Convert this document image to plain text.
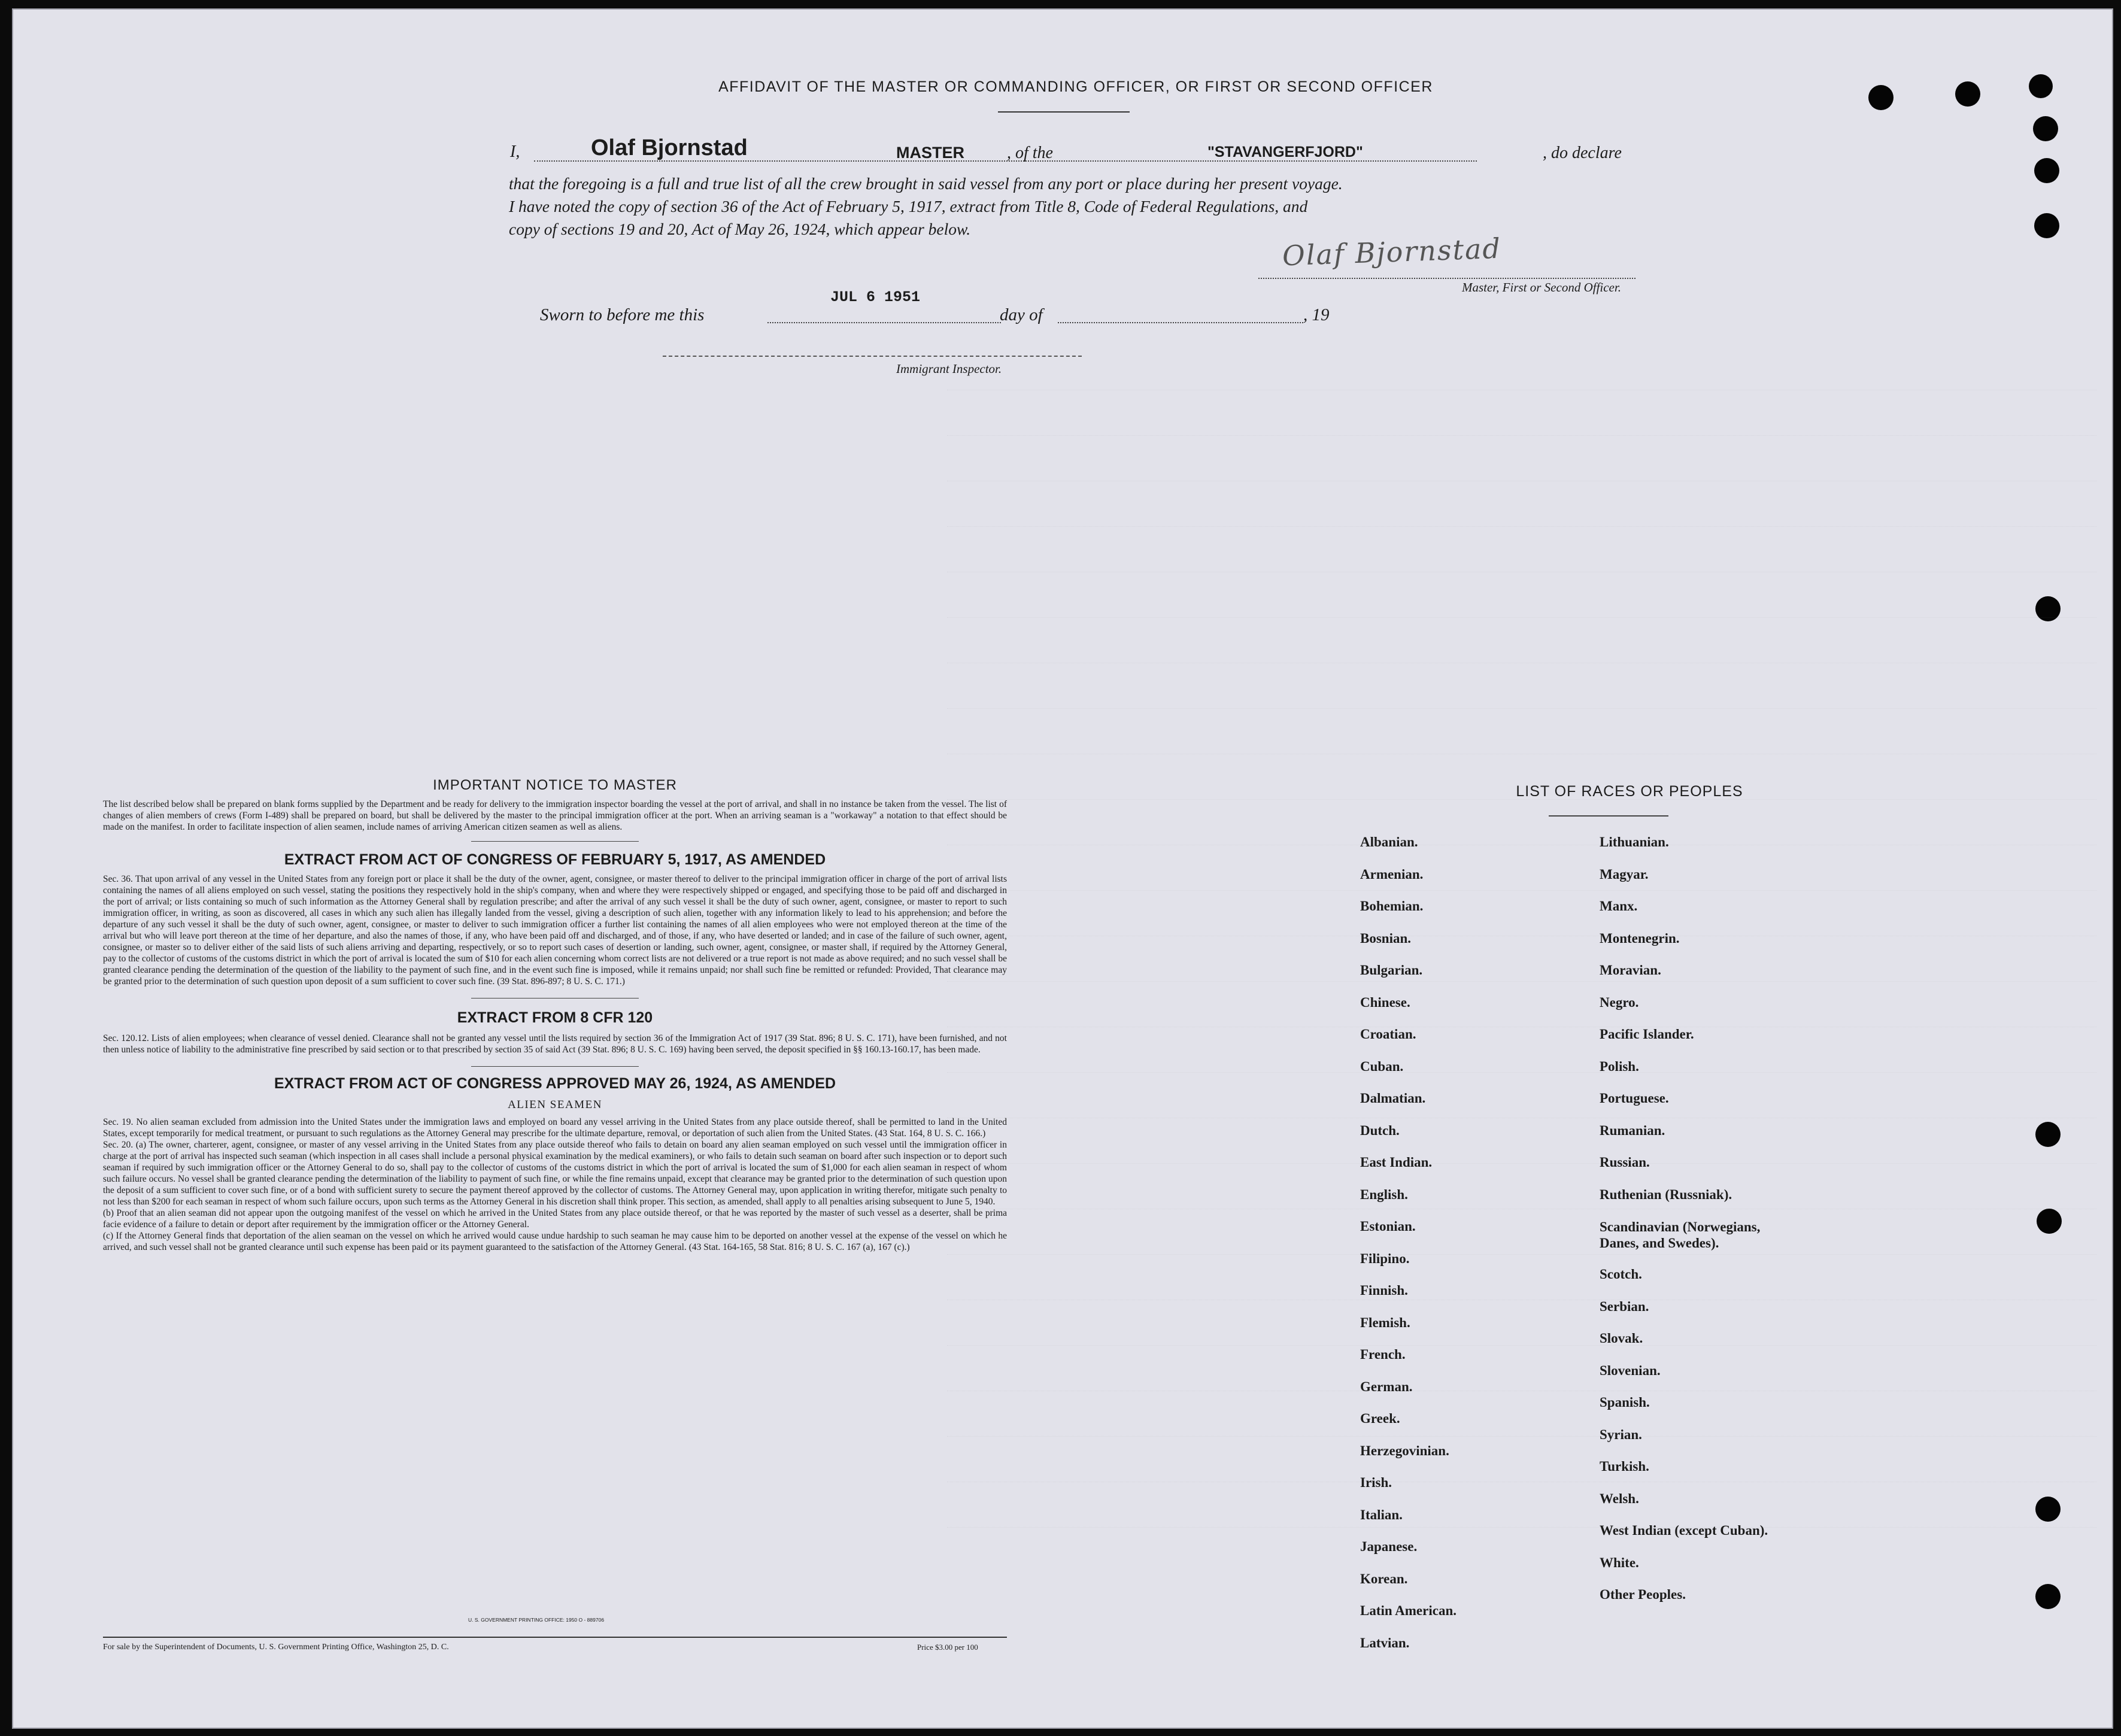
AFFIDAVIT OF THE MASTER OR COMMANDING OFFICER, OR FIRST OR SECOND OFFICER
I,	Olaf Bjornstad	MASTER	, of the	"STAVANGERFJORD"	, do declare
that the foregoing is a full and true list of all the crew brought in said vessel from any port or place during her present voyage.
I have noted the copy of section 36 of the Act of February 5, 1917, extract from Title 8, Code of Federal Regulations, and
copy of sections 19 and 20, Act of May 26, 1924, which appear below.
Olaf Bjornstad
Master, First or Second Officer.
Sworn to before me this
JUL 6 1951
day of	, 19
Immigrant Inspector.
IMPORTANT NOTICE TO MASTER
The list described below shall be prepared on blank forms supplied by the Department and be ready for delivery to the immigration inspector boarding the vessel at the port of arrival, and shall in no instance be taken from the vessel. The list of changes of alien members of crews (Form I-489) shall be prepared on board, but shall be delivered by the master to the principal immigration officer at the port. When an arriving seaman is a "workaway" a notation to that effect should be made on the manifest. In order to facilitate inspection of alien seamen, include names of arriving American citizen seamen as well as aliens.
EXTRACT FROM ACT OF CONGRESS OF FEBRUARY 5, 1917, AS AMENDED
Sec. 36. That upon arrival of any vessel in the United States from any foreign port or place it shall be the duty of the owner, agent, consignee, or master thereof to deliver to the principal immigration officer in charge of the port of arrival lists containing the names of all aliens employed on such vessel, stating the positions they respectively hold in the ship's company, when and where they were respectively shipped or engaged, and specifying those to be paid off and discharged in the port of arrival; or lists containing so much of such information as the Attorney General shall by regulation prescribe; and after the arrival of any such vessel it shall be the duty of such owner, agent, consignee, or master to report to such immigration officer, in writing, as soon as discovered, all cases in which any such alien has illegally landed from the vessel, giving a description of such alien, together with any information likely to lead to his apprehension; and before the departure of any such vessel it shall be the duty of such owner, agent, consignee, or master to deliver to such immigration officer a further list containing the names of all alien employees who were not employed thereon at the time of the arrival but who will leave port thereon at the time of her departure, and also the names of those, if any, who have been paid off and discharged, and of those, if any, who have deserted or landed; and in case of the failure of such owner, agent, consignee, or master so to deliver either of the said lists of such aliens arriving and departing, respectively, or so to report such cases of desertion or landing, such owner, agent, consignee, or master shall, if required by the Attorney General, pay to the collector of customs of the customs district in which the port of arrival is located the sum of $10 for each alien concerning whom correct lists are not delivered or a true report is not made as above required; and no such vessel shall be granted clearance pending the determination of the question of the liability to the payment of such fine, and in the event such fine is imposed, while it remains unpaid; nor shall such fine be remitted or refunded: Provided, That clearance may be granted prior to the determination of such question upon deposit of a sum sufficient to cover such fine. (39 Stat. 896-897; 8 U. S. C. 171.)
EXTRACT FROM 8 CFR 120
Sec. 120.12. Lists of alien employees; when clearance of vessel denied. Clearance shall not be granted any vessel until the lists required by section 36 of the Immigration Act of 1917 (39 Stat. 896; 8 U. S. C. 171), have been furnished, and not then unless notice of liability to the administrative fine prescribed by said section or to that prescribed by section 35 of said Act (39 Stat. 896; 8 U. S. C. 169) having been served, the deposit specified in §§ 160.13-160.17, has been made.
EXTRACT FROM ACT OF CONGRESS APPROVED MAY 26, 1924, AS AMENDED
ALIEN SEAMEN
Sec. 19. No alien seaman excluded from admission into the United States under the immigration laws and employed on board any vessel arriving in the United States from any place outside thereof, shall be permitted to land in the United States, except temporarily for medical treatment, or pursuant to such regulations as the Attorney General may prescribe for the ultimate departure, removal, or deportation of such alien from the United States. (43 Stat. 164, 8 U. S. C. 166.)
Sec. 20. (a) The owner, charterer, agent, consignee, or master of any vessel arriving in the United States from any place outside thereof who fails to detain on board any alien seaman employed on such vessel until the immigration officer in charge at the port of arrival has inspected such seaman (which inspection in all cases shall include a personal physical examination by the medical examiners), or who fails to detain such seaman on board after such inspection or to deport such seaman if required by such immigration officer or the Attorney General to do so, shall pay to the collector of customs of the customs district in which the port of arrival is located the sum of $1,000 for each alien seaman in respect of whom such failure occurs. No vessel shall be granted clearance pending the determination of the liability to payment of such fine, or while the fine remains unpaid, except that clearance may be granted prior to the determination of such question upon the deposit of a sum sufficient to cover such fine, or of a bond with sufficient surety to secure the payment thereof approved by the collector of customs. The Attorney General may, upon application in writing therefor, mitigate such penalty to not less than $200 for each seaman in respect of whom such failure occurs, upon such terms as the Attorney General in his discretion shall think proper. This section, as amended, shall apply to all penalties arising subsequent to June 5, 1940.
(b) Proof that an alien seaman did not appear upon the outgoing manifest of the vessel on which he arrived in the United States from any place outside thereof, or that he was reported by the master of such vessel as a deserter, shall be prima facie evidence of a failure to detain or deport after requirement by the immigration officer or the Attorney General.
(c) If the Attorney General finds that deportation of the alien seaman on the vessel on which he arrived would cause undue hardship to such seaman he may cause him to be deported on another vessel at the expense of the vessel on which he arrived, and such vessel shall not be granted clearance until such expense has been paid or its payment guaranteed to the satisfaction of the Attorney General. (43 Stat. 164-165, 58 Stat. 816; 8 U. S. C. 167 (a), 167 (c).)
U. S. GOVERNMENT PRINTING OFFICE: 1950 O - 889706
For sale by the Superintendent of Documents, U. S. Government Printing Office, Washington 25, D. C.	Price $3.00 per 100
LIST OF RACES OR PEOPLES
Albanian.
Armenian.
Bohemian.
Bosnian.
Bulgarian.
Chinese.
Croatian.
Cuban.
Dalmatian.
Dutch.
East Indian.
English.
Estonian.
Filipino.
Finnish.
Flemish.
French.
German.
Greek.
Herzegovinian.
Irish.
Italian.
Japanese.
Korean.
Latin American.
Latvian.
Lithuanian.
Magyar.
Manx.
Montenegrin.
Moravian.
Negro.
Pacific Islander.
Polish.
Portuguese.
Rumanian.
Russian.
Ruthenian (Russniak).
Scandinavian (Norwegians, Danes, and Swedes).
Scotch.
Serbian.
Slovak.
Slovenian.
Spanish.
Syrian.
Turkish.
Welsh.
West Indian (except Cuban).
White.
Other Peoples.
